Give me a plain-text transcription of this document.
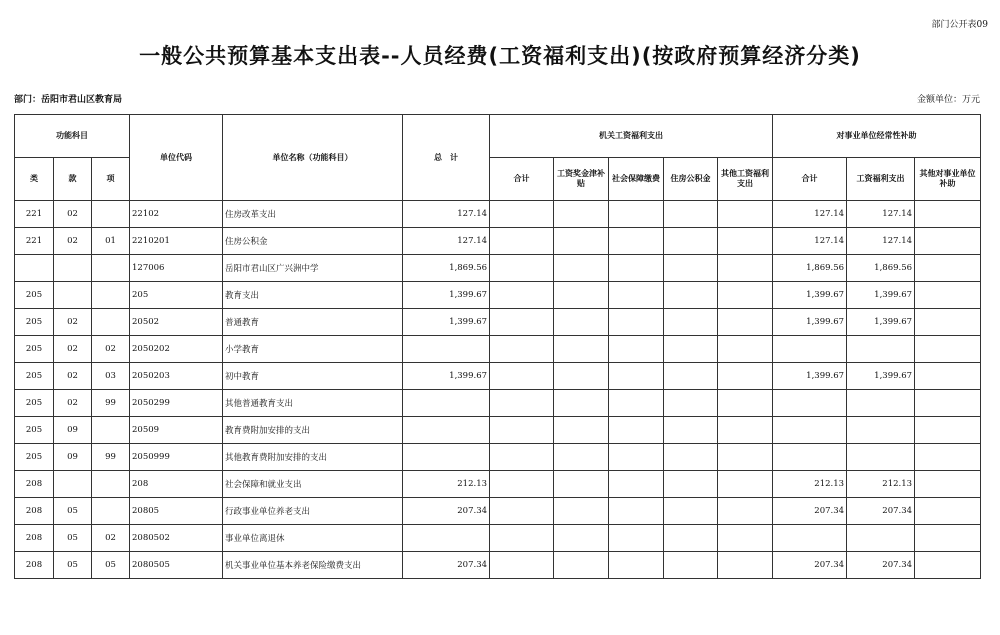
部门公开表09
一般公共预算基本支出表--人员经费(工资福利支出)(按政府预算经济分类)
部门：岳阳市君山区教育局	金额单位：万元
功能科目			单位代码	单位名称（功能科目）	总　计	机关工资福利支出					对事业单位经常性补助		
类	款	项				合计	工资奖金津补贴	社会保障缴费	住房公积金	其他工资福利支出	合计	工资福利支出	其他对事业单位补助
221	02		22102	住房改革支出	127.14						127.14	127.14	
221	02	01	2210201	住房公积金	127.14						127.14	127.14	
			127006	岳阳市君山区广兴洲中学	1,869.56						1,869.56	1,869.56	
205			205	教育支出	1,399.67						1,399.67	1,399.67	
205	02		20502	普通教育	1,399.67						1,399.67	1,399.67	
205	02	02	2050202	小学教育									
205	02	03	2050203	初中教育	1,399.67						1,399.67	1,399.67	
205	02	99	2050299	其他普通教育支出									
205	09		20509	教育费附加安排的支出									
205	09	99	2050999	其他教育费附加安排的支出									
208			208	社会保障和就业支出	212.13						212.13	212.13	
208	05		20805	行政事业单位养老支出	207.34						207.34	207.34	
208	05	02	2080502	事业单位离退休									
208	05	05	2080505	机关事业单位基本养老保险缴费支出	207.34						207.34	207.34	
